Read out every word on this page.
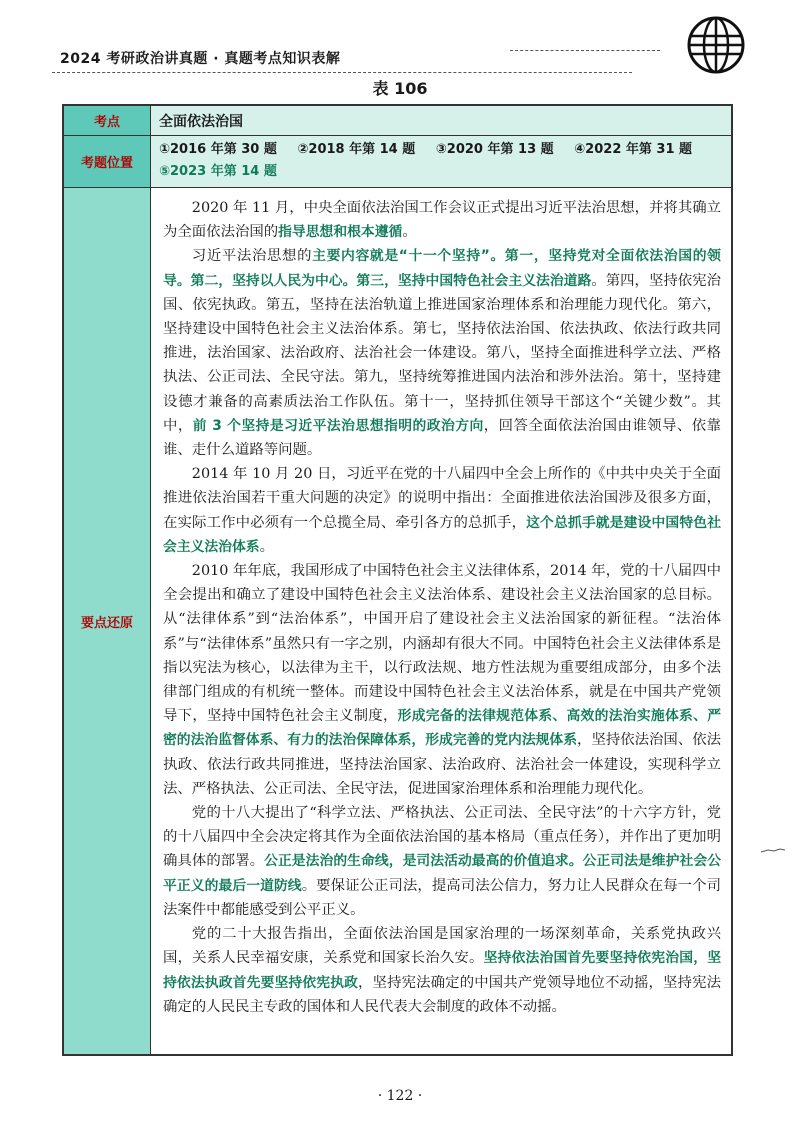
2024 考研政治讲真题 · 真题考点知识表解
表 106
考点	全面依法治国
考题位置
①2016 年第 30 题 ②2018 年第 14 题 ③2020 年第 13 题 ④2022 年第 31 题
⑤2023 年第 14 题
要点还原

2020 年 11 月，中央全面依法治国工作会议正式提出习近平法治思想，并将其确立为全面依法治国的指导思想和根本遵循。

习近平法治思想的主要内容就是“十一个坚持”。第一，坚持党对全面依法治国的领导。第二，坚持以人民为中心。第三，坚持中国特色社会主义法治道路。第四，坚持依宪治国、依宪执政。第五，坚持在法治轨道上推进国家治理体系和治理能力现代化。第六，坚持建设中国特色社会主义法治体系。第七，坚持依法治国、依法执政、依法行政共同推进，法治国家、法治政府、法治社会一体建设。第八，坚持全面推进科学立法、严格执法、公正司法、全民守法。第九，坚持统筹推进国内法治和涉外法治。第十，坚持建设德才兼备的高素质法治工作队伍。第十一，坚持抓住领导干部这个“关键少数”。其中，前 3 个坚持是习近平法治思想指明的政治方向，回答全面依法治国由谁领导、依靠谁、走什么道路等问题。

2014 年 10 月 20 日，习近平在党的十八届四中全会上所作的《中共中央关于全面推进依法治国若干重大问题的决定》的说明中指出：全面推进依法治国涉及很多方面，在实际工作中必须有一个总揽全局、牵引各方的总抓手，这个总抓手就是建设中国特色社会主义法治体系。

2010 年年底，我国形成了中国特色社会主义法律体系，2014 年，党的十八届四中全会提出和确立了建设中国特色社会主义法治体系、建设社会主义法治国家的总目标。从“法律体系”到“法治体系”，中国开启了建设社会主义法治国家的新征程。“法治体系”与“法律体系”虽然只有一字之别，内涵却有很大不同。中国特色社会主义法律体系是指以宪法为核心，以法律为主干，以行政法规、地方性法规为重要组成部分，由多个法律部门组成的有机统一整体。而建设中国特色社会主义法治体系，就是在中国共产党领导下，坚持中国特色社会主义制度，形成完备的法律规范体系、高效的法治实施体系、严密的法治监督体系、有力的法治保障体系，形成完善的党内法规体系，坚持依法治国、依法执政、依法行政共同推进，坚持法治国家、法治政府、法治社会一体建设，实现科学立法、严格执法、公正司法、全民守法，促进国家治理体系和治理能力现代化。

党的十八大提出了“科学立法、严格执法、公正司法、全民守法”的十六字方针，党的十八届四中全会决定将其作为全面依法治国的基本格局（重点任务），并作出了更加明确具体的部署。公正是法治的生命线，是司法活动最高的价值追求。公正司法是维护社会公平正义的最后一道防线。要保证公正司法，提高司法公信力，努力让人民群众在每一个司法案件中都能感受到公平正义。

党的二十大报告指出，全面依法治国是国家治理的一场深刻革命，关系党执政兴国，关系人民幸福安康，关系党和国家长治久安。坚持依法治国首先要坚持依宪治国，坚持依法执政首先要坚持依宪执政，坚持宪法确定的中国共产党领导地位不动摇，坚持宪法确定的人民民主专政的国体和人民代表大会制度的政体不动摇。

· 122 ·
